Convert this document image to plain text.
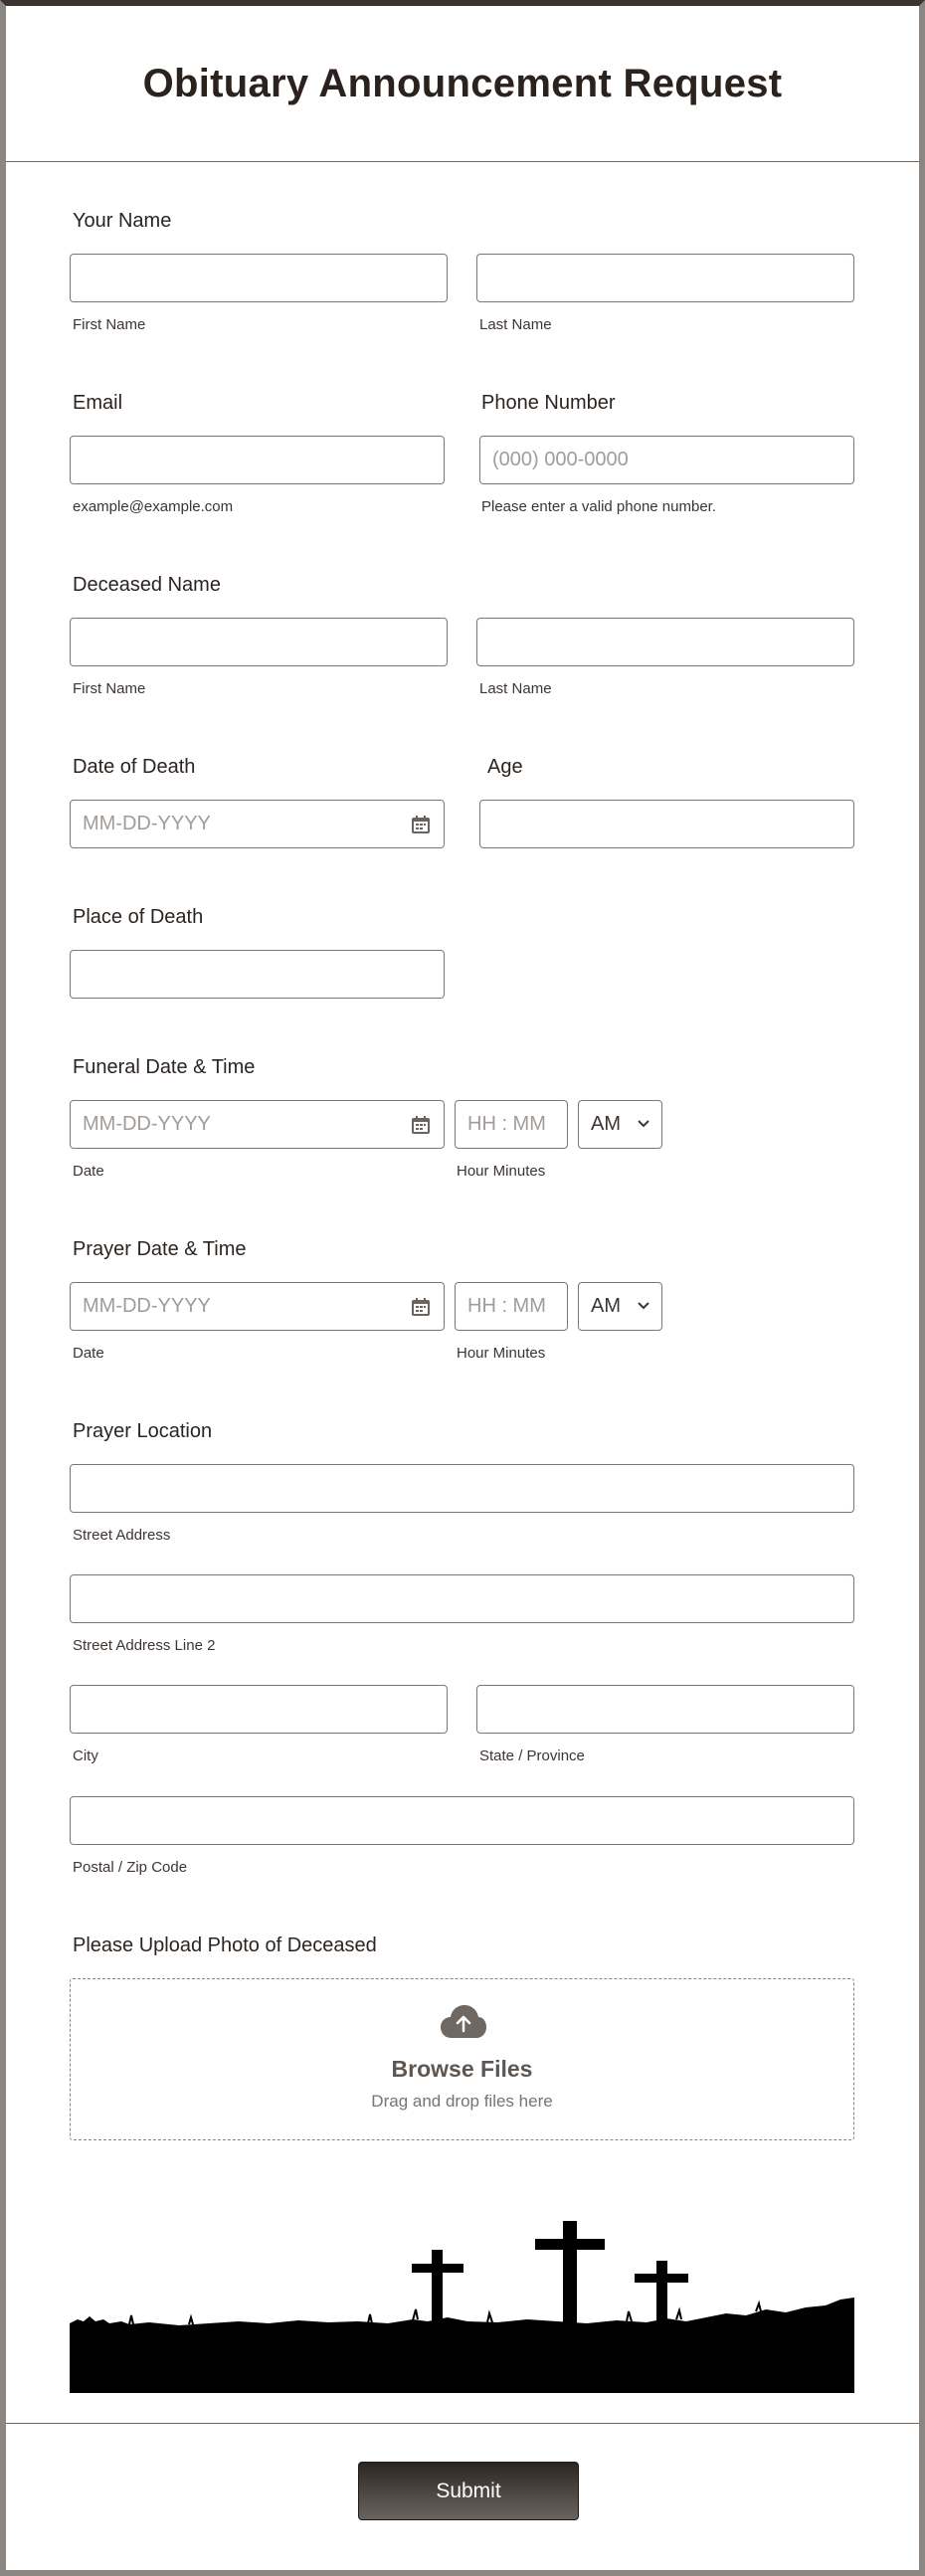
Obituary Announcement Request
Your Name
First Name	Last Name
Email
example@example.com
Phone Number
(000) 000-0000
Please enter a valid phone number.
Deceased Name
First Name	Last Name
Date of Death
MM-DD-YYYY
Age
Place of Death
Funeral Date & Time
MM-DD-YYYY	HH : MM	AM
Date	Hour Minutes
Prayer Date & Time
MM-DD-YYYY	HH : MM	AM
Date	Hour Minutes
Prayer Location
Street Address
Street Address Line 2
City	State / Province
Postal / Zip Code
Please Upload Photo of Deceased
Browse Files
Drag and drop files here
Submit
